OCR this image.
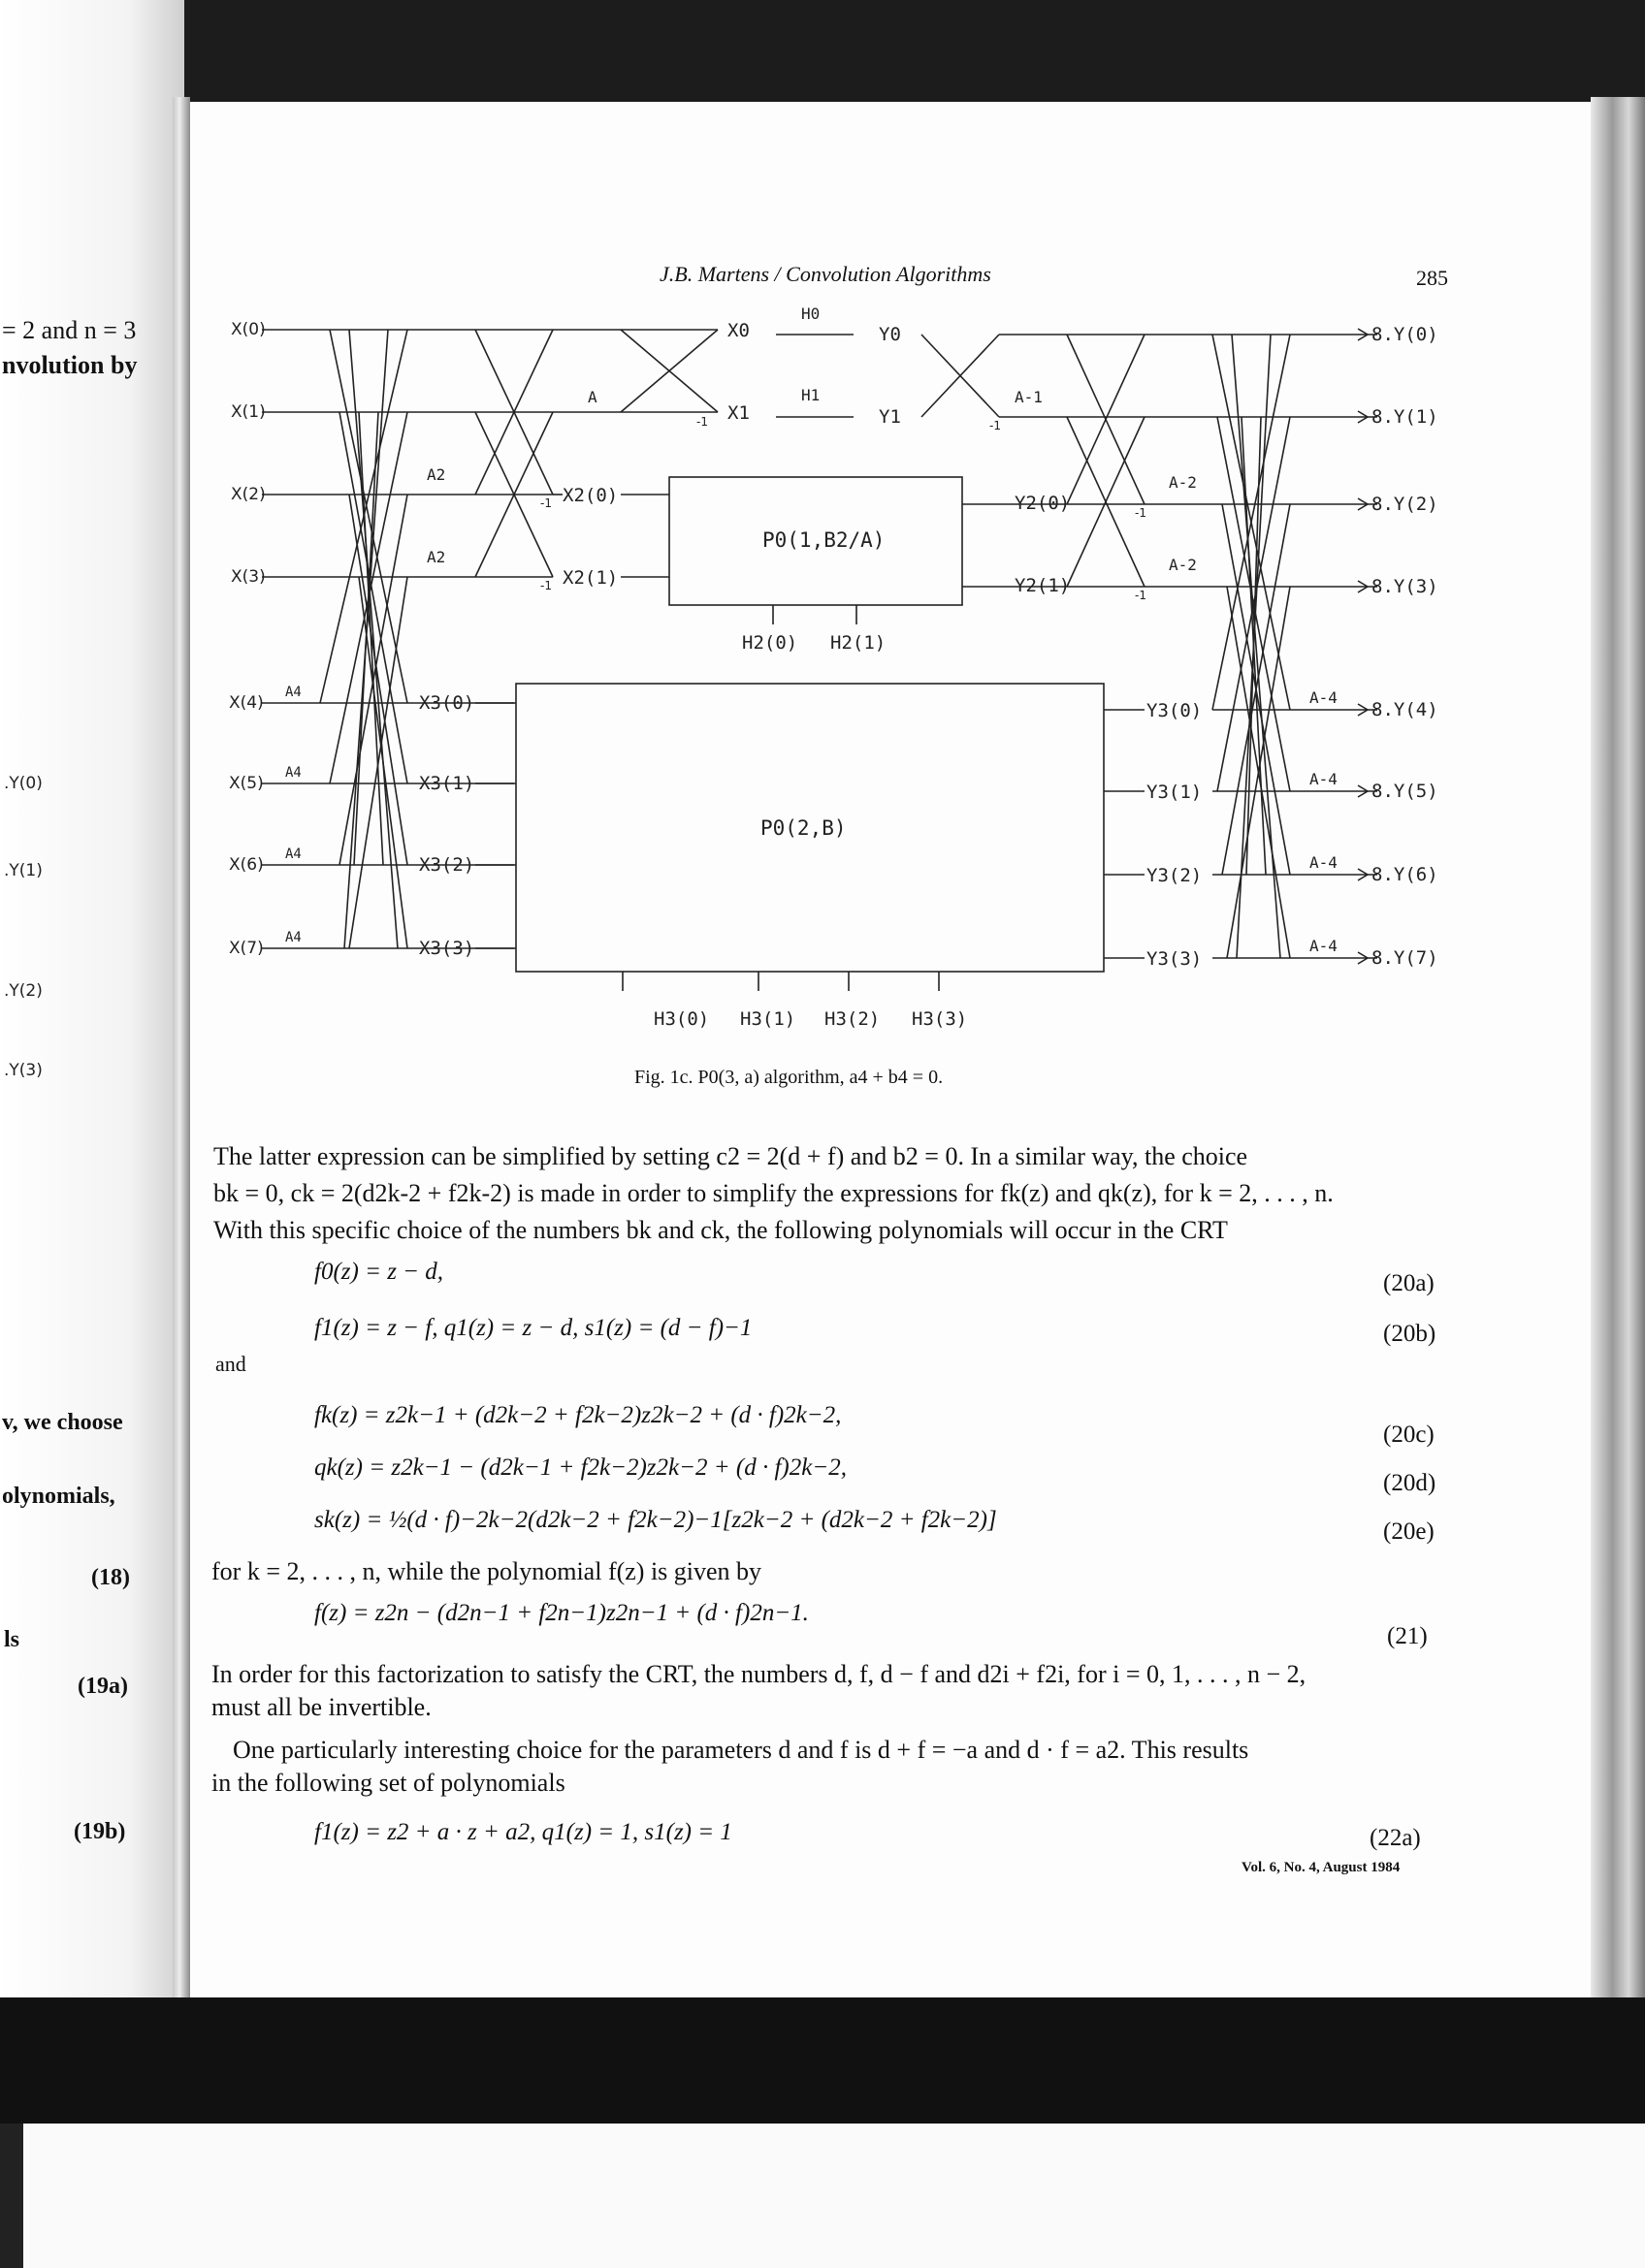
= 2 and n = 3
nvolution by
.Y(0)
.Y(1)
.Y(2)
.Y(3)
v, we choose
olynomials,
(18)
ls
(19a)
(19b)
J.B. Martens / Convolution Algorithms	285
X(0)
X(1)
X(2)
X(3)
X(4)
X(5)
X(6)
X(7)
X0
X1
H0
H1
Y0
Y1
A
A2
A2
A-1
A-2
A-2
A4
A4
A4
A4
A-4
A-4
A-4
A-4
X2(0)
X2(1)
Y2(0)
Y2(1)
X3(0)
X3(1)
X3(2)
X3(3)
Y3(0)
Y3(1)
Y3(2)
Y3(3)
P0(1,B2/A)
P0(2,B)
H2(0) H2(1)
H3(0) H3(1) H3(2) H3(3)
8.Y(0)
8.Y(1)
8.Y(2)
8.Y(3)
8.Y(4)
8.Y(5)
8.Y(6)
8.Y(7)
-1
-1
-1
-1
-1
-1
Fig. 1c. P0(3, a) algorithm, a4 + b4 = 0.
The latter expression can be simplified by setting c2 = 2(d + f) and b2 = 0. In a similar way, the choice
bk = 0, ck = 2(d2k-2 + f2k-2) is made in order to simplify the expressions for fk(z) and qk(z), for k = 2, . . . , n.
With this specific choice of the numbers bk and ck, the following polynomials will occur in the CRT
f0(z) = z − d,	(20a)
f1(z) = z − f, q1(z) = z − d, s1(z) = (d − f)−1	(20b)
and
fk(z) = z2k−1 + (d2k−2 + f2k−2)z2k−2 + (d · f)2k−2,
(20c)
qk(z) = z2k−1 − (d2k−1 + f2k−2)z2k−2 + (d · f)2k−2,
(20d)
sk(z) = ½(d · f)−2k−2(d2k−2 + f2k−2)−1[z2k−2 + (d2k−2 + f2k−2)]	(20e)
for k = 2, . . . , n, while the polynomial f(z) is given by
f(z) = z2n − (d2n−1 + f2n−1)z2n−1 + (d · f)2n−1.
(21)
In order for this factorization to satisfy the CRT, the numbers d, f, d − f and d2i + f2i, for i = 0, 1, . . . , n − 2,
must all be invertible.
One particularly interesting choice for the parameters d and f is d + f = −a and d · f = a2. This results
in the following set of polynomials
f1(z) = z2 + a · z + a2, q1(z) = 1, s1(z) = 1	(22a)
Vol. 6, No. 4, August 1984
